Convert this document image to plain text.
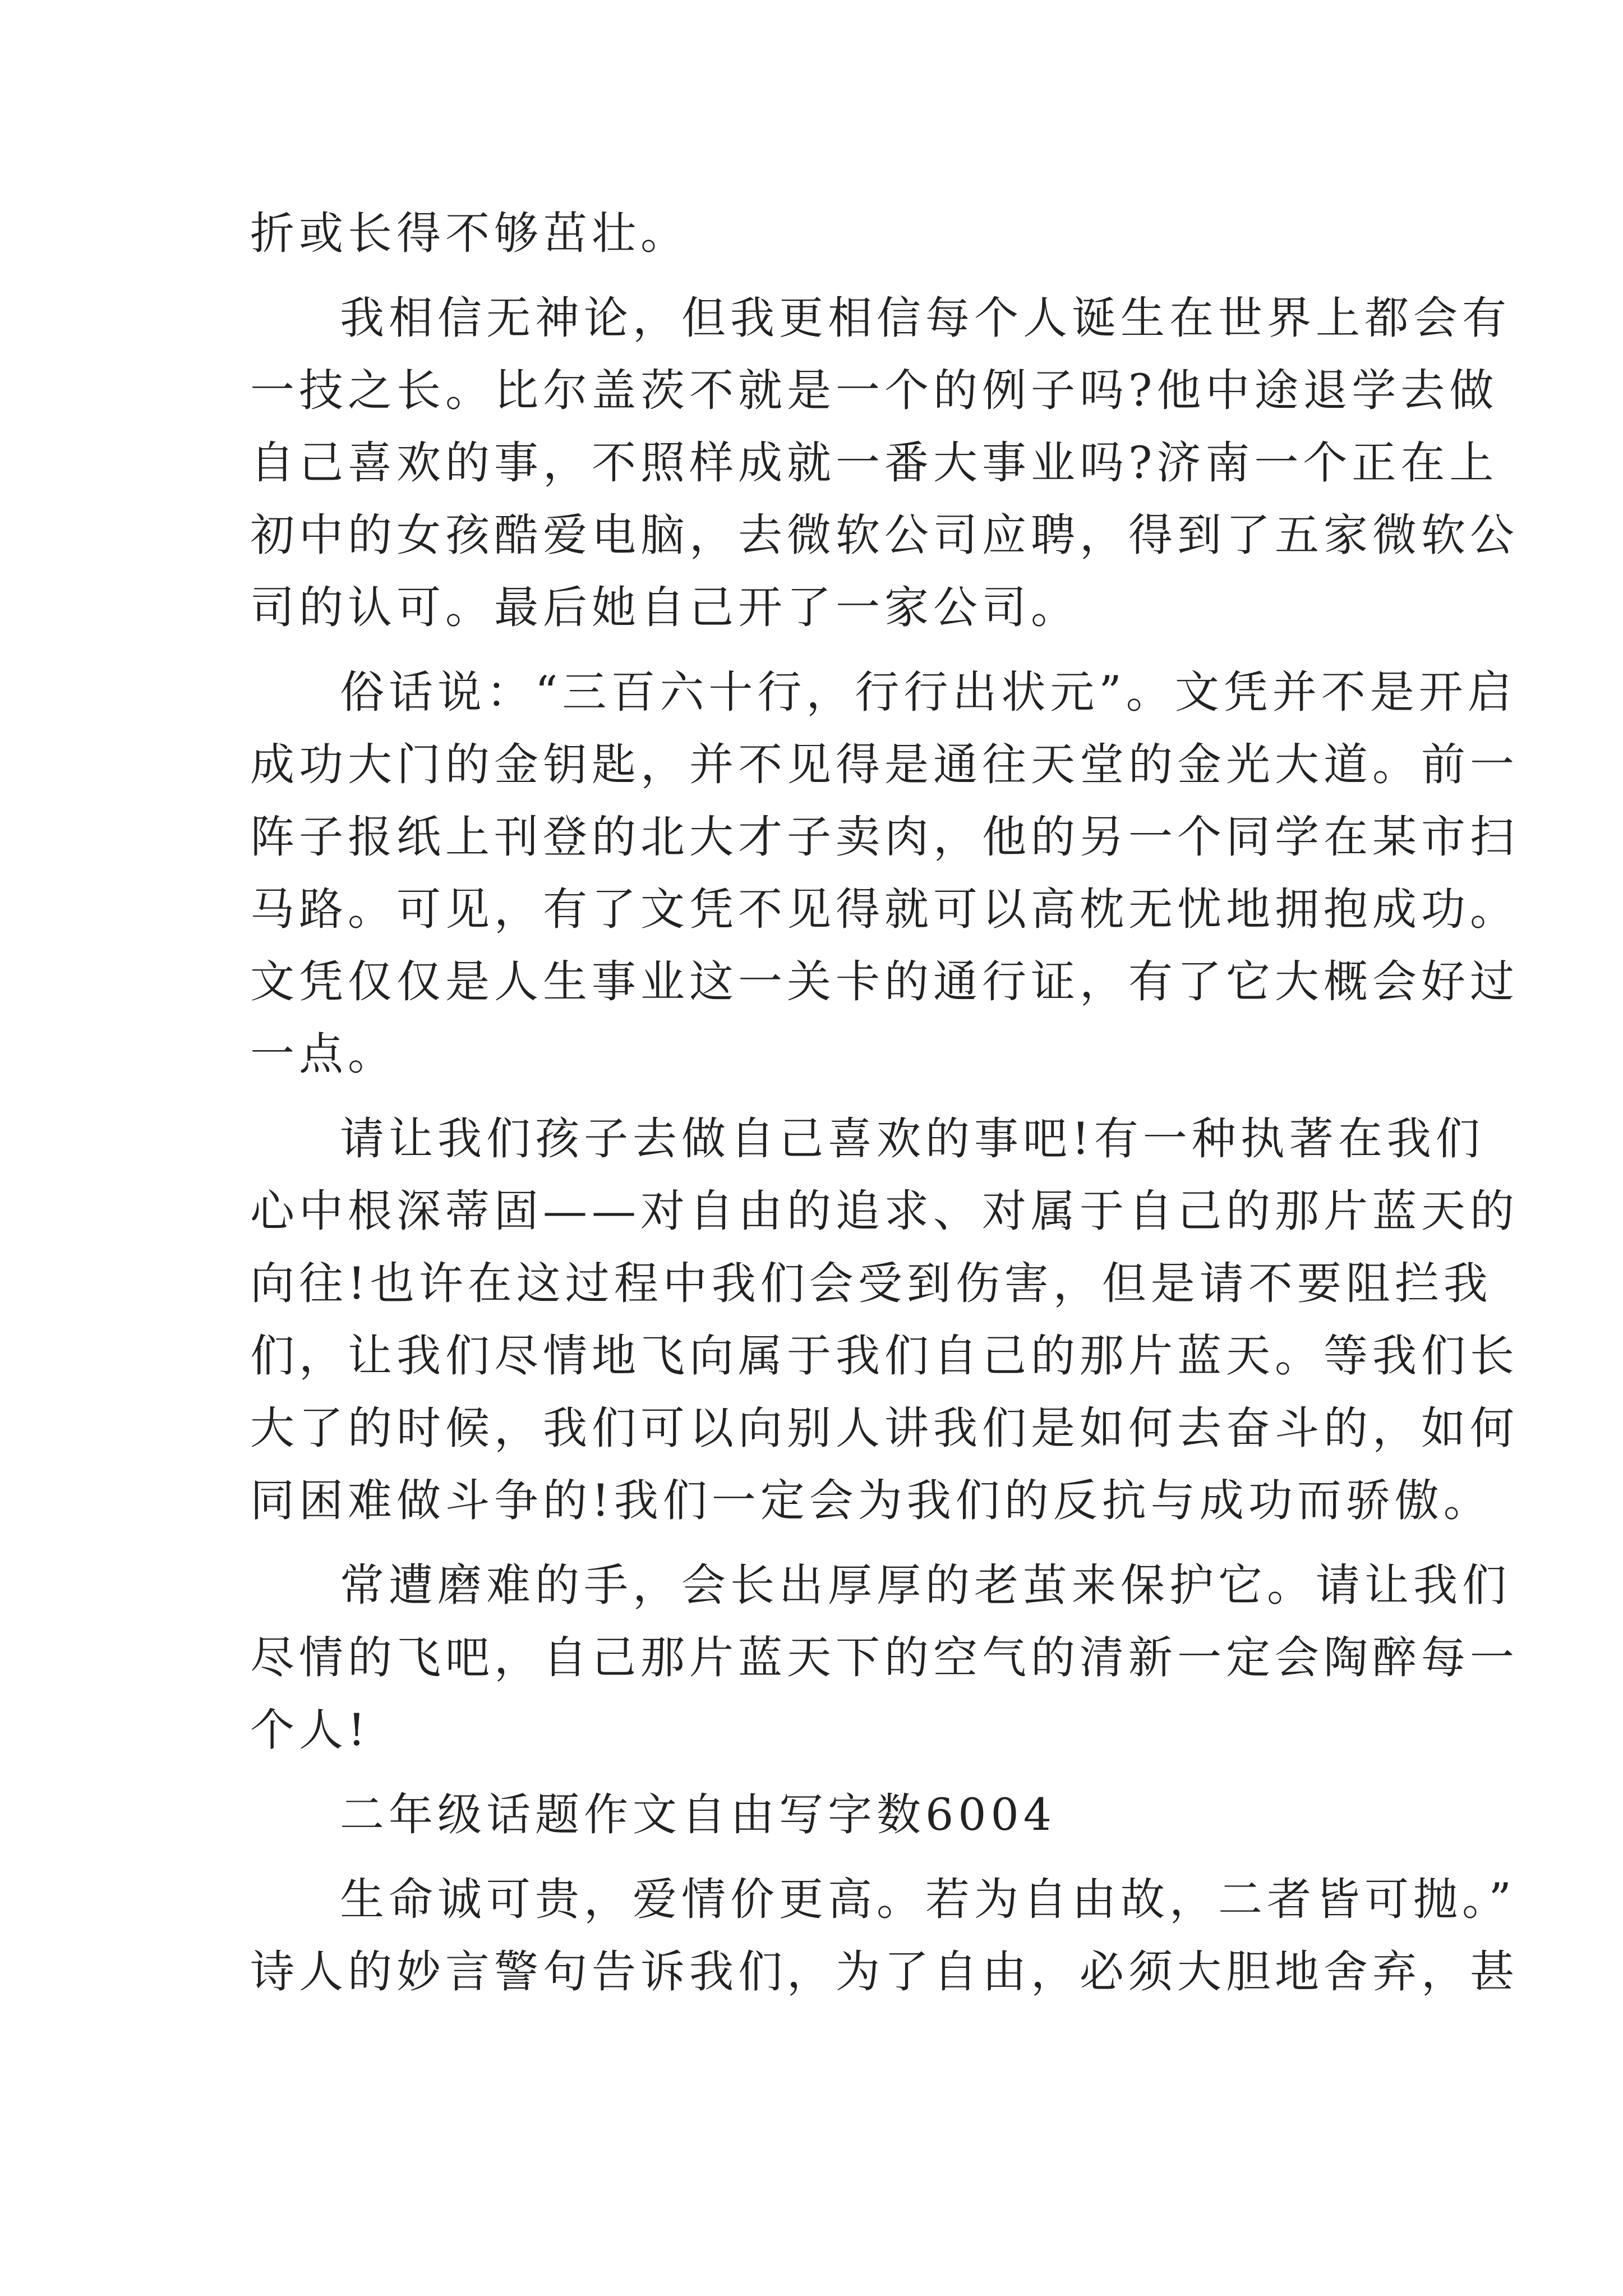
折或长得不够茁壮。
我相信无神论，但我更相信每个人诞生在世界上都会有
一技之长。比尔盖茨不就是一个的例子吗?他中途退学去做
自己喜欢的事，不照样成就一番大事业吗?济南一个正在上
初中的女孩酷爱电脑，去微软公司应聘，得到了五家微软公
司的认可。最后她自己开了一家公司。
俗话说：“三百六十行，行行出状元”。文凭并不是开启
成功大门的金钥匙，并不见得是通往天堂的金光大道。前一
阵子报纸上刊登的北大才子卖肉，他的另一个同学在某市扫
马路。可见，有了文凭不见得就可以高枕无忧地拥抱成功。
文凭仅仅是人生事业这一关卡的通行证，有了它大概会好过
一点。
请让我们孩子去做自己喜欢的事吧!有一种执著在我们
心中根深蒂固——对自由的追求、对属于自己的那片蓝天的
向往!也许在这过程中我们会受到伤害，但是请不要阻拦我
们，让我们尽情地飞向属于我们自己的那片蓝天。等我们长
大了的时候，我们可以向别人讲我们是如何去奋斗的，如何
同困难做斗争的!我们一定会为我们的反抗与成功而骄傲。
常遭磨难的手，会长出厚厚的老茧来保护它。请让我们
尽情的飞吧，自己那片蓝天下的空气的清新一定会陶醉每一
个人!
二年级话题作文自由写字数6004
生命诚可贵，爱情价更高。若为自由故，二者皆可抛。”
诗人的妙言警句告诉我们，为了自由，必须大胆地舍弃，甚
